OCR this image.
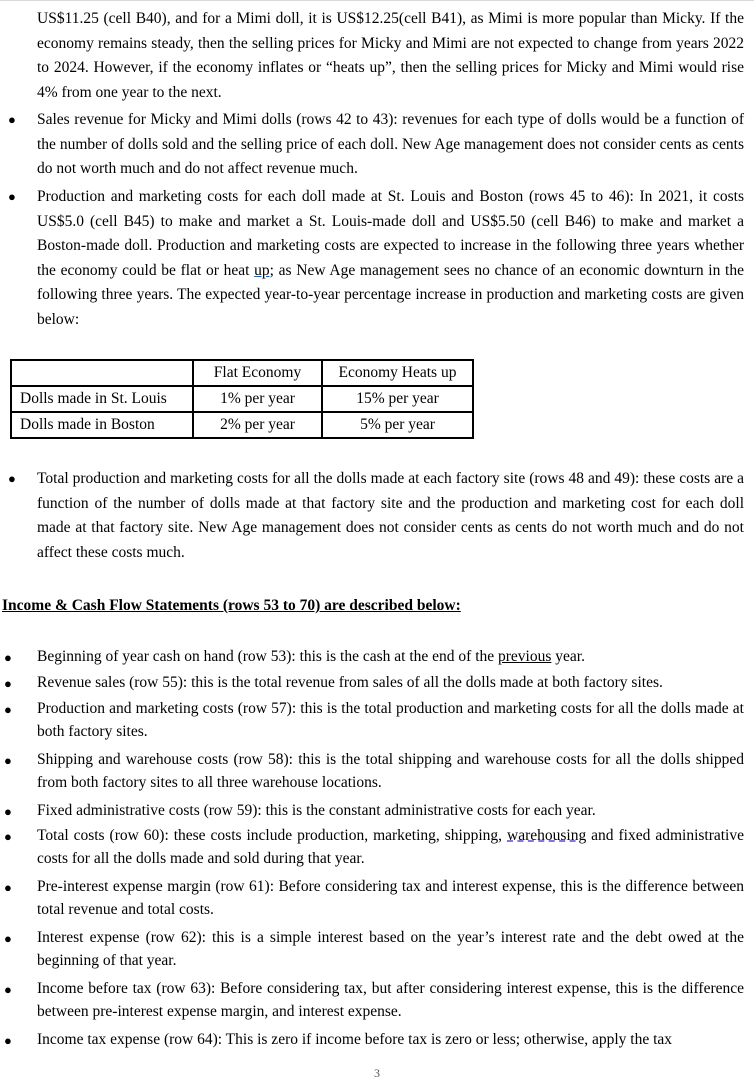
US$11.25 (cell B40), and for a Mimi doll, it is US$12.25(cell B41), as Mimi is more popular than Micky. If the economy remains steady, then the selling prices for Micky and Mimi are not expected to change from years 2022 to 2024. However, if the economy inflates or “heats up”, then the selling prices for Micky and Mimi would rise 4% from one year to the next.
● Sales revenue for Micky and Mimi dolls (rows 42 to 43): revenues for each type of dolls would be a function of the number of dolls sold and the selling price of each doll. New Age management does not consider cents as cents do not worth much and do not affect revenue much.
● Production and marketing costs for each doll made at St. Louis and Boston (rows 45 to 46): In 2021, it costs US$5.0 (cell B45) to make and market a St. Louis-made doll and US$5.50 (cell B46) to make and market a Boston-made doll. Production and marketing costs are expected to increase in the following three years whether the economy could be flat or heat up; as New Age management sees no chance of an economic downturn in the following three years. The expected year-to-year percentage increase in production and marketing costs are given below:
	Flat Economy	Economy Heats up
Dolls made in St. Louis	1% per year	15% per year
Dolls made in Boston	2% per year	5% per year
● Total production and marketing costs for all the dolls made at each factory site (rows 48 and 49): these costs are a function of the number of dolls made at that factory site and the production and marketing cost for each doll made at that factory site. New Age management does not consider cents as cents do not worth much and do not affect these costs much.
Income & Cash Flow Statements (rows 53 to 70) are described below:
● Beginning of year cash on hand (row 53): this is the cash at the end of the previous year.
● Revenue sales (row 55): this is the total revenue from sales of all the dolls made at both factory sites.
● Production and marketing costs (row 57): this is the total production and marketing costs for all the dolls made at both factory sites.
● Shipping and warehouse costs (row 58): this is the total shipping and warehouse costs for all the dolls shipped from both factory sites to all three warehouse locations.
● Fixed administrative costs (row 59): this is the constant administrative costs for each year.
● Total costs (row 60): these costs include production, marketing, shipping, warehousing and fixed administrative costs for all the dolls made and sold during that year.
● Pre-interest expense margin (row 61): Before considering tax and interest expense, this is the difference between total revenue and total costs.
● Interest expense (row 62): this is a simple interest based on the year’s interest rate and the debt owed at the beginning of that year.
● Income before tax (row 63): Before considering tax, but after considering interest expense, this is the difference between pre-interest expense margin, and interest expense.
● Income tax expense (row 64): This is zero if income before tax is zero or less; otherwise, apply the tax
3
